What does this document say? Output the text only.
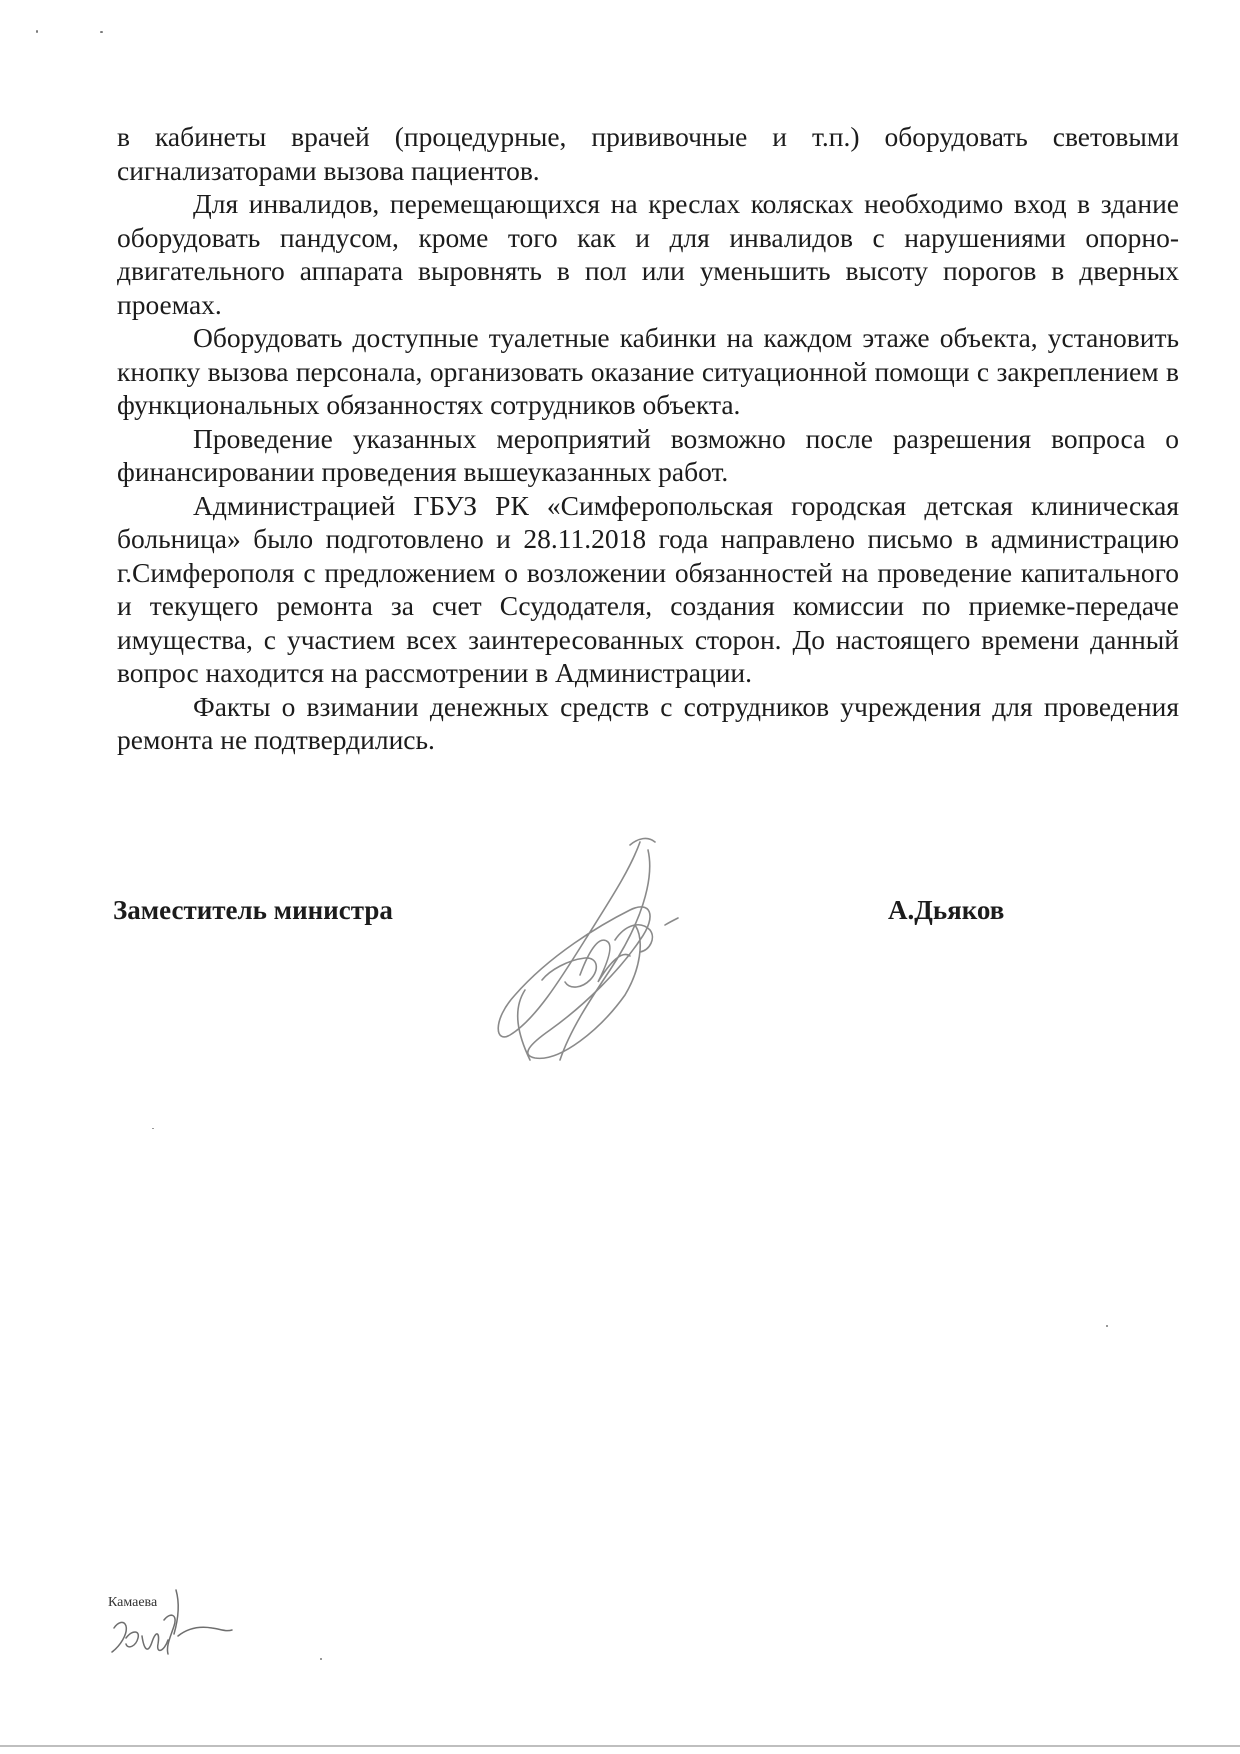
в кабинеты врачей (процедурные, прививочные и т.п.) оборудовать световыми сигнализаторами вызова пациентов.

Для инвалидов, перемещающихся на креслах колясках необходимо вход в здание оборудовать пандусом, кроме того как и для инвалидов с нарушениями опорно-двигательного аппарата выровнять в пол или уменьшить высоту порогов в дверных проемах.

Оборудовать доступные туалетные кабинки на каждом этаже объекта, установить кнопку вызова персонала, организовать оказание ситуационной помощи с закреплением в функциональных обязанностях сотрудников объекта.

Проведение указанных мероприятий возможно после разрешения вопроса о финансировании проведения вышеуказанных работ.

Администрацией ГБУЗ РК «Симферопольская городская детская клиническая больница» было подготовлено и 28.11.2018 года направлено письмо в администрацию г.Симферополя с предложением о возложении обязанностей на проведение капитального и текущего ремонта за счет Ссудодателя, создания комиссии по приемке-передаче имущества, с участием всех заинтересованных сторон. До настоящего времени данный вопрос находится на рассмотрении в Администрации.

Факты о взимании денежных средств с сотрудников учреждения для проведения ремонта не подтвердились.

Заместитель министра	А.Дьяков
Камаева
